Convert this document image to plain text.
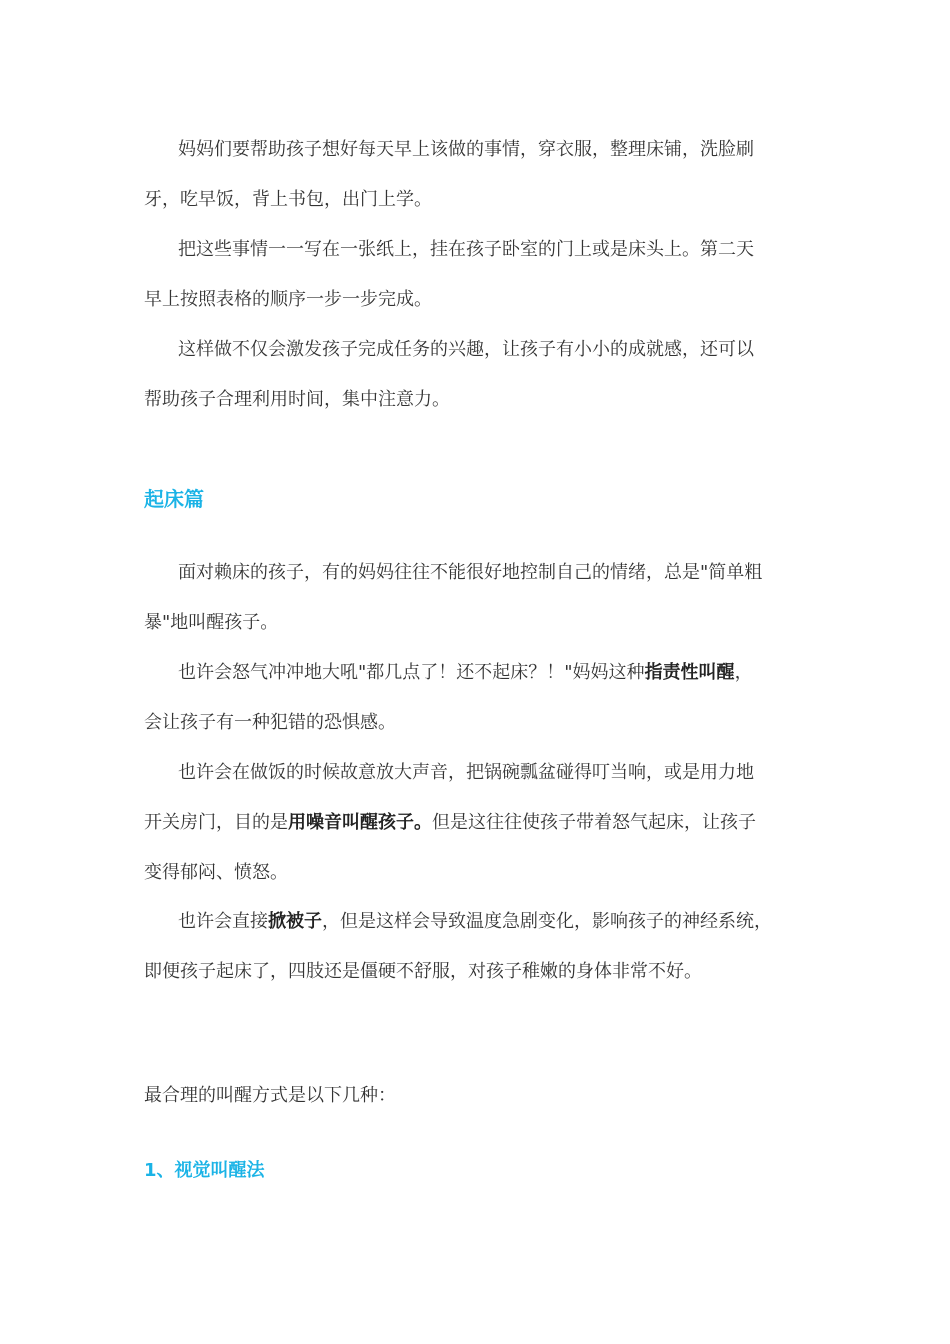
妈妈们要帮助孩子想好每天早上该做的事情，穿衣服，整理床铺，洗脸刷
牙，吃早饭，背上书包，出门上学。

把这些事情一一写在一张纸上，挂在孩子卧室的门上或是床头上。第二天
早上按照表格的顺序一步一步完成。

这样做不仅会激发孩子完成任务的兴趣，让孩子有小小的成就感，还可以
帮助孩子合理利用时间，集中注意力。

起床篇

面对赖床的孩子，有的妈妈往往不能很好地控制自己的情绪，总是"简单粗
暴"地叫醒孩子。

也许会怒气冲冲地大吼"都几点了！还不起床？！"妈妈这种指责性叫醒，
会让孩子有一种犯错的恐惧感。

也许会在做饭的时候故意放大声音，把锅碗瓢盆碰得叮当响，或是用力地
开关房门，目的是用噪音叫醒孩子。但是这往往使孩子带着怒气起床，让孩子
变得郁闷、愤怒。

也许会直接掀被子，但是这样会导致温度急剧变化，影响孩子的神经系统，
即便孩子起床了，四肢还是僵硬不舒服，对孩子稚嫩的身体非常不好。

最合理的叫醒方式是以下几种：

1、视觉叫醒法
